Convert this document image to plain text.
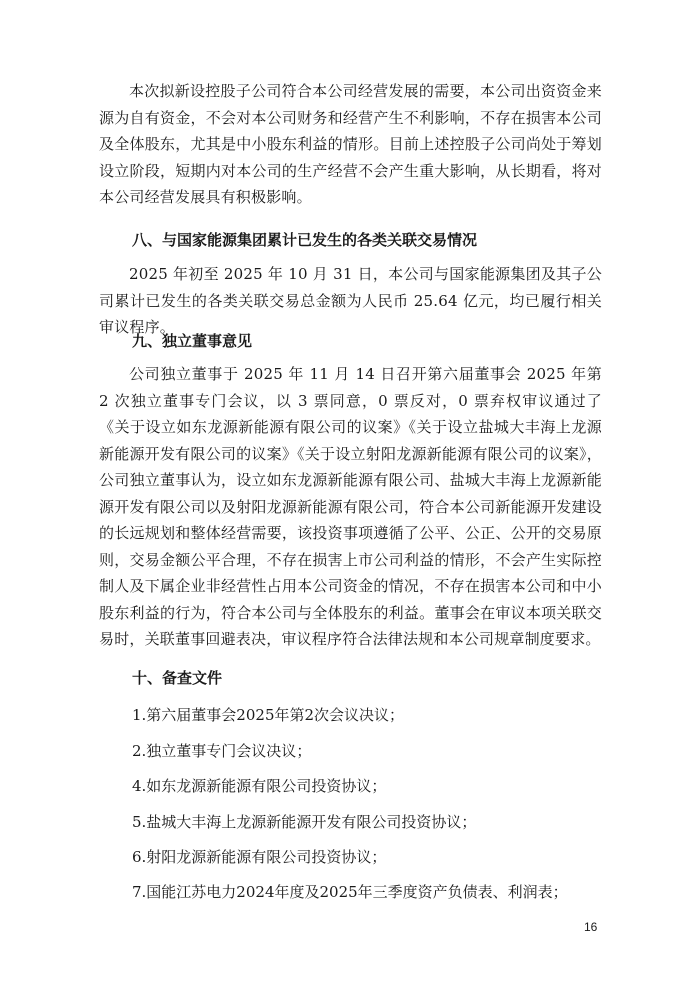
本次拟新设控股子公司符合本公司经营发展的需要，本公司出资资金来源为自有资金，不会对本公司财务和经营产生不利影响，不存在损害本公司及全体股东，尤其是中小股东利益的情形。目前上述控股子公司尚处于筹划设立阶段，短期内对本公司的生产经营不会产生重大影响，从长期看，将对本公司经营发展具有积极影响。

八、与国家能源集团累计已发生的各类关联交易情况

2025 年初至 2025 年 10 月 31 日，本公司与国家能源集团及其子公司累计已发生的各类关联交易总金额为人民币 25.64 亿元，均已履行相关审议程序。

九、独立董事意见

公司独立董事于 2025 年 11 月 14 日召开第六届董事会 2025 年第 2 次独立董事专门会议，以 3 票同意，0 票反对，0 票弃权审议通过了《关于设立如东龙源新能源有限公司的议案》《关于设立盐城大丰海上龙源新能源开发有限公司的议案》《关于设立射阳龙源新能源有限公司的议案》，公司独立董事认为，设立如东龙源新能源有限公司、盐城大丰海上龙源新能源开发有限公司以及射阳龙源新能源有限公司，符合本公司新能源开发建设的长远规划和整体经营需要，该投资事项遵循了公平、公正、公开的交易原则，交易金额公平合理，不存在损害上市公司利益的情形，不会产生实际控制人及下属企业非经营性占用本公司资金的情况，不存在损害本公司和中小股东利益的行为，符合本公司与全体股东的利益。董事会在审议本项关联交易时，关联董事回避表决，审议程序符合法律法规和本公司规章制度要求。

十、备查文件

1.第六届董事会2025年第2次会议决议；

2.独立董事专门会议决议；

4.如东龙源新能源有限公司投资协议；

5.盐城大丰海上龙源新能源开发有限公司投资协议；

6.射阳龙源新能源有限公司投资协议；

7.国能江苏电力2024年度及2025年三季度资产负债表、利润表；

16
